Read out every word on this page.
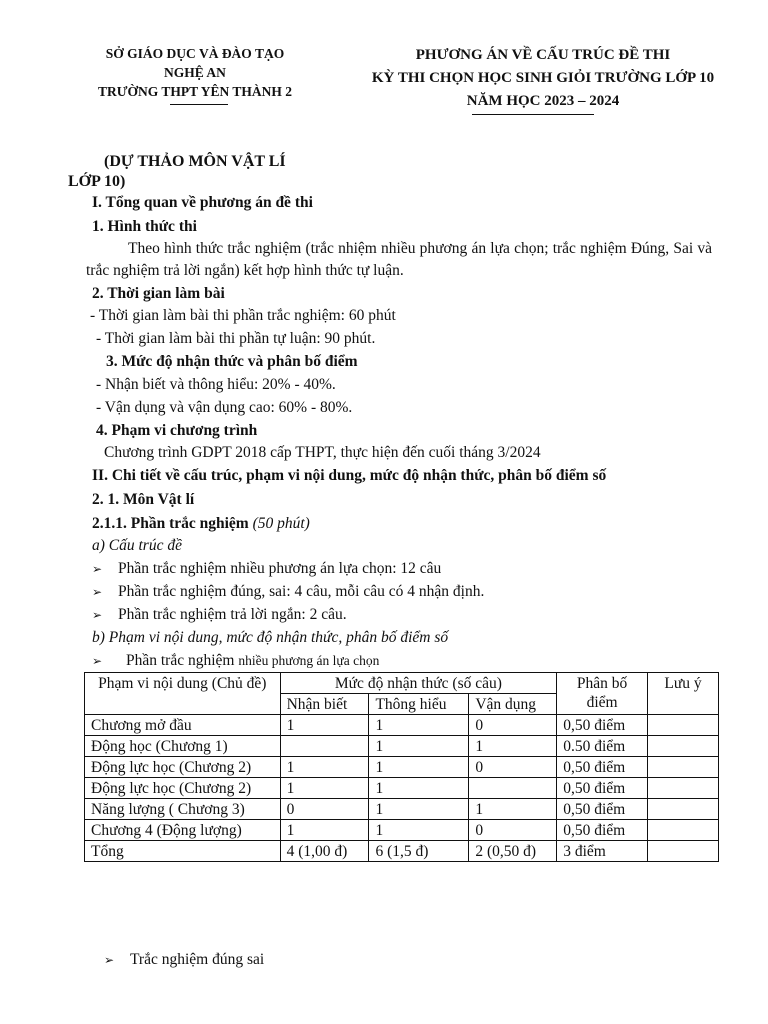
SỞ GIÁO DỤC VÀ ĐÀO TẠO
NGHỆ AN
TRƯỜNG THPT YÊN THÀNH 2
PHƯƠNG ÁN VỀ CẤU TRÚC ĐỀ THI
KỲ THI CHỌN HỌC SINH GIỎI TRƯỜNG LỚP 10
NĂM HỌC 2023 – 2024
(DỰ THẢO MÔN VẬT LÍ
LỚP 10)
I. Tổng quan về phương án đề thi
1. Hình thức thi
Theo hình thức trắc nghiệm (trắc nhiệm nhiều phương án lựa chọn; trắc nghiệm Đúng, Sai và trắc nghiệm trả lời ngắn) kết hợp hình thức tự luận.
2. Thời gian làm bài
- Thời gian làm bài thi phần trắc nghiệm: 60 phút
- Thời gian làm bài thi phần tự luận: 90 phút.
3. Mức độ nhận thức và phân bố điểm
- Nhận biết và thông hiểu: 20% - 40%.
- Vận dụng và vận dụng cao: 60% - 80%.
4. Phạm vi chương trình
Chương trình GDPT 2018 cấp THPT, thực hiện đến cuối tháng 3/2024
II. Chi tiết về cấu trúc, phạm vi nội dung, mức độ nhận thức, phân bố điểm số
2. 1. Môn Vật lí
2.1.1. Phần trắc nghiệm (50 phút)
a) Cấu trúc đề
➢ Phần trắc nghiệm nhiều phương án lựa chọn: 12 câu
➢ Phần trắc nghiệm đúng, sai: 4 câu, mỗi câu có 4 nhận định.
➢ Phần trắc nghiệm trả lời ngắn: 2 câu.
b) Phạm vi nội dung, mức độ nhận thức, phân bố điểm số
➢ Phần trắc nghiệm nhiều phương án lựa chọn
Phạm vi nội dung (Chủ đề)	Mức độ nhận thức (số câu)			Phân bố điểm	Lưu ý
	Nhận biết	Thông hiểu	Vận dụng		
Chương mở đầu	1	1	0	0,50 điểm	
Động học (Chương 1)		1	1	0.50 điểm	
Động lực học (Chương 2)	1	1	0	0,50 điểm	
Động lực học (Chương 2)	1	1		0,50 điểm	
Năng lượng ( Chương 3)	0	1	1	0,50 điểm	
Chương 4 (Động lượng)	1	1	0	0,50 điểm	
Tổng	4 (1,00 đ)	6 (1,5 đ)	2 (0,50 đ)	3 điểm	
➢ Trắc nghiệm đúng sai
